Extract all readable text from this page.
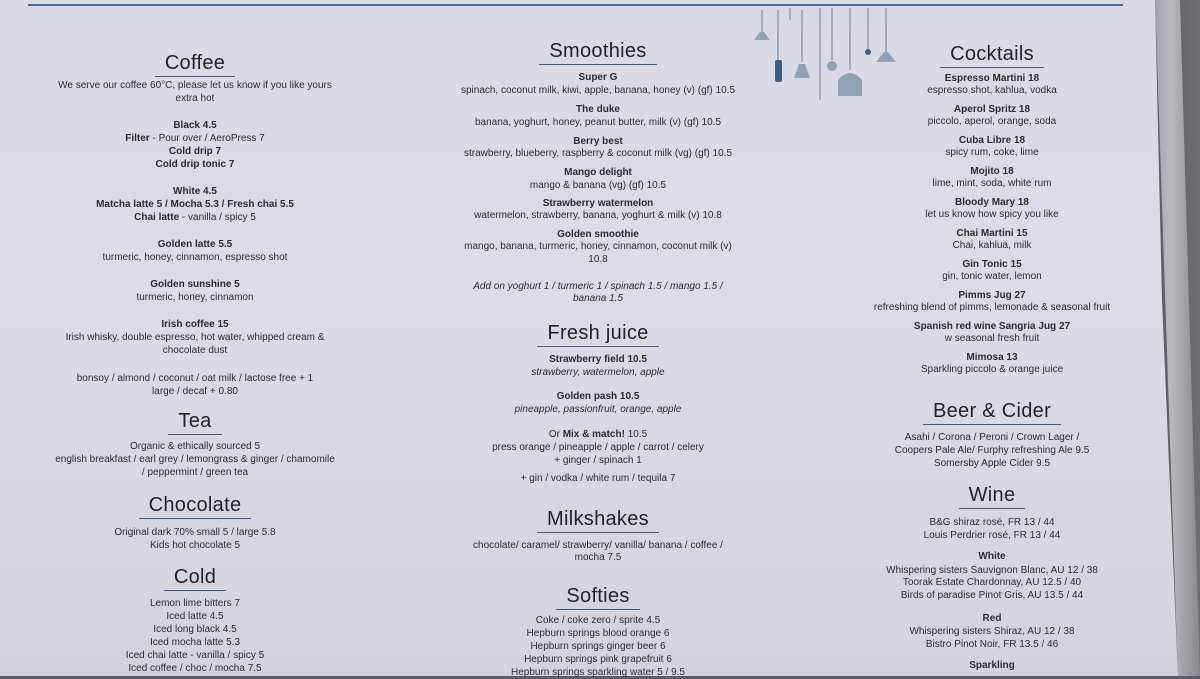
Coffee
We serve our coffee 60°C, please let us know if you like yours
extra hot
Black 4.5
Filter - Pour over / AeroPress 7
Cold drip 7
Cold drip tonic 7
White 4.5
Matcha latte 5 / Mocha 5.3 / Fresh chai 5.5
Chai latte - vanilla / spicy 5
Golden latte 5.5
turmeric, honey, cinnamon, espresso shot
Golden sunshine 5
turmeric, honey, cinnamon
Irish coffee 15
Irish whisky, double espresso, hot water, whipped cream &
chocolate dust
bonsoy / almond / coconut / oat milk / lactose free + 1
large / decaf + 0.80
Tea
Organic & ethically sourced 5
english breakfast / earl grey / lemongrass & ginger / chamomile
/ peppermint / green tea
Chocolate
Original dark 70% small 5 / large 5.8
Kids hot chocolate 5
Cold
Lemon lime bitters 7
Iced latte 4.5
Iced long black 4.5
Iced mocha latte 5.3
Iced chai latte - vanilla / spicy 5
Iced coffee / choc / mocha 7.5
Smoothies
Super G
spinach, coconut milk, kiwi, apple, banana, honey (v) (gf) 10.5
The duke
banana, yoghurt, honey, peanut butter, milk (v) (gf) 10.5
Berry best
strawberry, blueberry, raspberry & coconut milk (vg) (gf) 10.5
Mango delight
mango & banana (vg) (gf) 10.5
Strawberry watermelon
watermelon, strawberry, banana, yoghurt & milk (v) 10.8
Golden smoothie
mango, banana, turmeric, honey, cinnamon, coconut milk (v)
10.8
Add on yoghurt 1 / turmeric 1 / spinach 1.5 / mango 1.5 /
banana 1.5
Fresh juice
Strawberry field 10.5
strawberry, watermelon, apple
Golden pash 10.5
pineapple, passionfruit, orange, apple
Or Mix & match! 10.5
press orange / pineapple / apple / carrot / celery
+ ginger / spinach 1
+ gin / vodka / white rum / tequila 7
Milkshakes
chocolate/ caramel/ strawberry/ vanilla/ banana / coffee /
mocha 7.5
Softies
Coke / coke zero / sprite 4.5
Hepburn springs blood orange 6
Hepburn springs ginger beer 6
Hepburn springs pink grapefruit 6
Hepburn springs sparkling water 5 / 9.5
Cocktails
Espresso Martini 18
espresso shot, kahlua, vodka
Aperol Spritz 18
piccolo, aperol, orange, soda
Cuba Libre 18
spicy rum, coke, lime
Mojito 18
lime, mint, soda, white rum
Bloody Mary 18
let us know how spicy you like
Chai Martini 15
Chai, kahlua, milk
Gin Tonic 15
gin, tonic water, lemon
Pimms Jug 27
refreshing blend of pimms, lemonade & seasonal fruit
Spanish red wine Sangria Jug 27
w seasonal fresh fruit
Mimosa 13
Sparkling piccolo & orange juice
Beer & Cider
Asahi / Corona / Peroni / Crown Lager /
Coopers Pale Ale/ Furphy refreshing Ale 9.5
Somersby Apple Cider 9.5
Wine
B&G shiraz rosé, FR 13 / 44
Louis Perdrier rosé, FR 13 / 44
White
Whispering sisters Sauvignon Blanc, AU 12 / 38
Toorak Estate Chardonnay, AU 12.5 / 40
Birds of paradise Pinot Gris, AU 13.5 / 44
Red
Whispering sisters Shiraz, AU 12 / 38
Bistro Pinot Noir, FR 13.5 / 46
Sparkling
